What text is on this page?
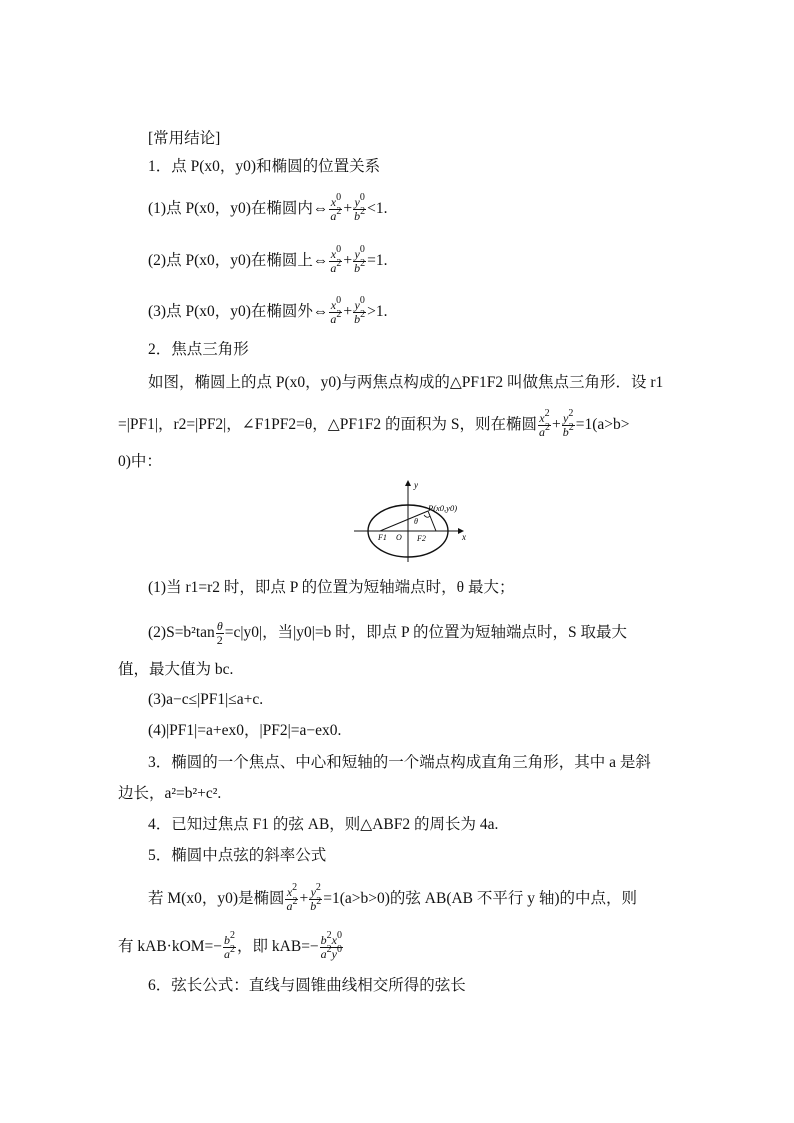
[常用结论]
1．点 P(x0，y0)和椭圆的位置关系
(1)点 P(x0，y0)在椭圆内⇔ $\frac{x^0}{a^2} + \frac{y^0}{b^2} <1$.
(2)点 P(x0，y0)在椭圆上⇔ $\frac{x^0}{a^2} + \frac{y^0}{b^2} =1$.
(3)点 P(x0，y0)在椭圆外⇔ $\frac{x^0}{a^2} + \frac{y^0}{b^2} >1$.
2．焦点三角形
如图，椭圆上的点 P(x0，y0)与两焦点构成的△PF1F2 叫做焦点三角形．设 r1
=|PF1|，r2=|PF2|，∠F1PF2=θ，△PF1F2 的面积为 S，则在椭圆 $\frac{x^2}{a^2} + \frac{y^2}{b^2} =1(a>b>$
0)中：
y
x
P(x0,y0)
θ
F1 O F2
(1)当 r1=r2 时，即点 P 的位置为短轴端点时，θ 最大；
$(2)S=b^2\tan \frac{\theta}{2} =c|y0|$，当|y0|=b 时，即点 P 的位置为短轴端点时，S 取最大
值，最大值为 bc.
(3)a−c≤|PF1|≤a+c.
(4)|PF1|=a+ex0，|PF2|=a−ex0.
3．椭圆的一个焦点、中心和短轴的一个端点构成直角三角形，其中 a 是斜
边长，a²=b²+c².
4．已知过焦点 F1 的弦 AB，则△ABF2 的周长为 4a.
5．椭圆中点弦的斜率公式
若 M(x0，y0)是椭圆 $\frac{x^2}{a^2} + \frac{y^2}{b^2} =1(a>b>0)$的弦 AB(AB 不平行 y 轴)的中点，则
有 $kAB\cdot kOM=- \frac{b^2}{a^2}$ ，即 $kAB=- \frac{b^2x^0}{a^2y^0}$
6．弦长公式：直线与圆锥曲线相交所得的弦长
